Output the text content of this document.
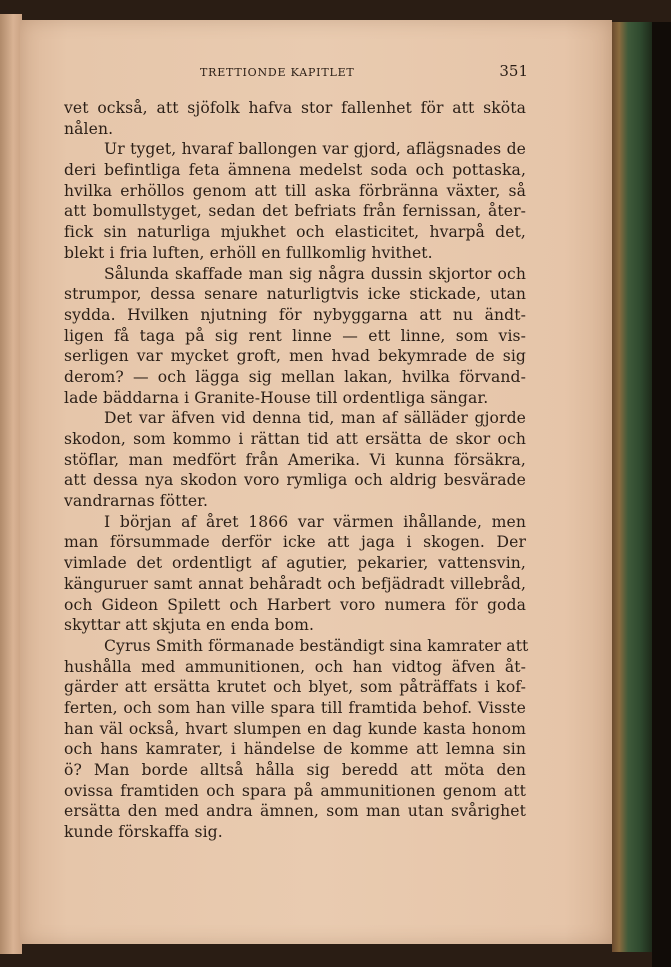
TRETTIONDE KAPITLET	351
vet också, att sjöfolk hafva stor fallenhet för att sköta
nålen.
Ur tyget, hvaraf ballongen var gjord, aflägsnades de
deri befintliga feta ämnena medelst soda och pottaska,
hvilka erhöllos genom att till aska förbränna växter, så
att bomullstyget, sedan det befriats från fernissan, åter-
fick sin naturliga mjukhet och elasticitet, hvarpå det,
blekt i fria luften, erhöll en fullkomlig hvithet.
Sålunda skaffade man sig några dussin skjortor och
strumpor, dessa senare naturligtvis icke stickade, utan
sydda. Hvilken njutning för nybyggarna att nu ändt-
ligen få taga på sig rent linne — ett linne, som vis-
serligen var mycket groft, men hvad bekymrade de sig
derom? — och lägga sig mellan lakan, hvilka förvand-
lade bäddarna i Granite-House till ordentliga sängar.
Det var äfven vid denna tid, man af sälläder gjorde
skodon, som kommo i rättan tid att ersätta de skor och
stöflar, man medfört från Amerika. Vi kunna försäkra,
att dessa nya skodon voro rymliga och aldrig besvärade
vandrarnas fötter.
I början af året 1866 var värmen ihållande, men
man försummade derför icke att jaga i skogen. Der
vimlade det ordentligt af agutier, pekarier, vattensvin,
känguruer samt annat behåradt och befjädradt villebråd,
och Gideon Spilett och Harbert voro numera för goda
skyttar att skjuta en enda bom.
Cyrus Smith förmanade beständigt sina kamrater att
hushålla med ammunitionen, och han vidtog äfven åt-
gärder att ersätta krutet och blyet, som påträffats i kof-
ferten, och som han ville spara till framtida behof. Visste
han väl också, hvart slumpen en dag kunde kasta honom
och hans kamrater, i händelse de komme att lemna sin
ö? Man borde alltså hålla sig beredd att möta den
ovissa framtiden och spara på ammunitionen genom att
ersätta den med andra ämnen, som man utan svårighet
kunde förskaffa sig.
